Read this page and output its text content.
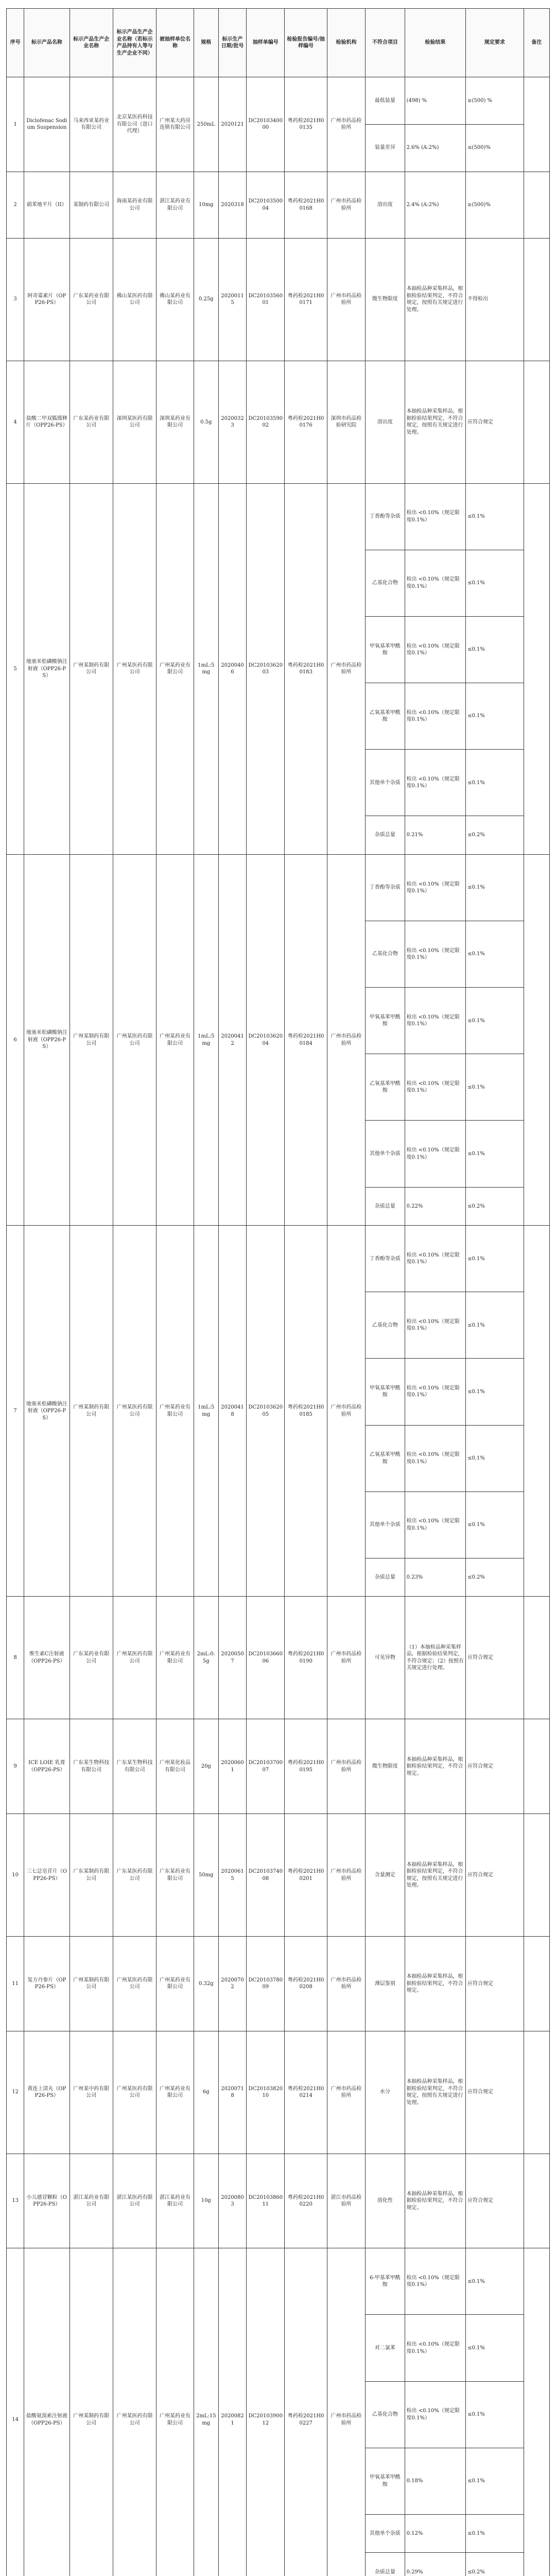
序号	标示产品名称	标示产品生产企业名称	标示产品生产企业名称（若标示产品持有人等与生产企业不同）	被抽样单位名称	规格	标示生产日期/批号	抽样单编号	检验报告编号/抽样编号	检验机构	不符合项目	检验结果	规定要求	备注
1	Diclofenac Sodium Suspension	马来西亚某药业有限公司	北京某医药科技有限公司（进口代理）	广州某大药房连锁有限公司	250mL	2020121	DC2010340000	粤药检2021H00135	广州市药品检验所	最低装量	(498) %	≥(500) %	
										装量差异	2.6% (A:2%)	≤(500)%	
2	硝苯地平片（II）	某制药有限公司	海南某药业有限公司	湛江某药业有限公司	10mg	2020318	DC2010350004	粤药检2021H00168	广州市药品检验所	溶出度	2.4% (A:2%)	≥(500)%	
3	阿奇霉素片（OPP26-PS）	广东某药业有限公司	佛山某医药有限公司	佛山某药业有限公司	0.25g	20200115	DC2010356001	粤药检2021H00171	广州市药品检验所	微生物限度	本抽检品种采集样品，根据检验结果判定，不符合规定，按照有关规定进行处理。	不得检出	
4	盐酸二甲双胍缓释片（OPP26-PS）	广东某药业有限公司	深圳某医药有限公司	深圳某药业有限公司	0.5g	20200323	DC2010359002	粤药检2021H00176	深圳市药品检验研究院	溶出度	本抽检品种采集样品，根据检验结果判定，不符合规定，按照有关规定进行处理。	应符合规定	
5	地塞米松磷酸钠注射液（OPP26-PS）	广州某制药有限公司	广州某医药有限公司	广州某药业有限公司	1mL:5mg	20200406	DC2010362003	粤药检2021H00183	广州市药品检验所	丁香酚等杂质	检出 <0.10%（规定限度0.1%）	≤0.1%	
										乙基化合物	检出 <0.10%（规定限度0.1%）	≤0.1%	
										甲氧基苯甲酰胺	检出 <0.10%（规定限度0.1%）	≤0.1%	
										乙氧基苯甲酰胺	检出 <0.10%（规定限度0.1%）	≤0.1%	
										其他单个杂质	检出 <0.10%（规定限度0.1%）	≤0.1%	
										杂质总量	0.21%	≤0.2%	
6	地塞米松磷酸钠注射液（OPP26-PS）	广州某制药有限公司	广州某医药有限公司	广州某药业有限公司	1mL:5mg	20200412	DC2010362004	粤药检2021H00184	广州市药品检验所	丁香酚等杂质	检出 <0.10%（规定限度0.1%）	≤0.1%	
										乙基化合物	检出 <0.10%（规定限度0.1%）	≤0.1%	
										甲氧基苯甲酰胺	检出 <0.10%（规定限度0.1%）	≤0.1%	
										乙氧基苯甲酰胺	检出 <0.10%（规定限度0.1%）	≤0.1%	
										其他单个杂质	检出 <0.10%（规定限度0.1%）	≤0.1%	
										杂质总量	0.22%	≤0.2%	
7	地塞米松磷酸钠注射液（OPP26-PS）	广州某制药有限公司	广州某医药有限公司	广州某药业有限公司	1mL:5mg	20200418	DC2010362005	粤药检2021H00185	广州市药品检验所	丁香酚等杂质	检出 <0.10%（规定限度0.1%）	≤0.1%	
										乙基化合物	检出 <0.10%（规定限度0.1%）	≤0.1%	
										甲氧基苯甲酰胺	检出 <0.10%（规定限度0.1%）	≤0.1%	
										乙氧基苯甲酰胺	检出 <0.10%（规定限度0.1%）	≤0.1%	
										其他单个杂质	检出 <0.10%（规定限度0.1%）	≤0.1%	
										杂质总量	0.23%	≤0.2%	
8	维生素C注射液（OPP26-PS）	广东某药业有限公司	广州某医药有限公司	广州某药业有限公司	2mL:0.5g	20200507	DC2010366006	粤药检2021H00190	广州市药品检验所	可见异物	（1）本抽检品种采集样品，根据检验结果判定，不符合规定；（2）按照有关规定进行处理。	应符合规定	
9	ICE LOIE 乳膏（OPP26-PS）	广东某生物科技有限公司	广东某生物科技有限公司	广州某化妆品有限公司	20g	20200601	DC2010370007	粤药检2021H00195	广州市药品检验所	微生物限度	本抽检品种采集样品，根据检验结果判定，不符合规定。	应符合规定	
10	三七总皂苷片（OPP26-PS）	广东某制药有限公司	广东某医药有限公司	广东某药业有限公司	50mg	20200615	DC2010374008	粤药检2021H00201	广州市药品检验所	含量测定	本抽检品种采集样品，根据检验结果判定，不符合规定，按照有关规定进行处理。	应符合规定	
11	复方丹参片（OPP26-PS）	广州某制药有限公司	广州某医药有限公司	广州某药业有限公司	0.32g	20200702	DC2010378009	粤药检2021H00208	广州市药品检验所	薄层鉴别	本抽检品种采集样品，根据检验结果判定，不符合规定。	应符合规定	
12	黄连上清丸（OPP26-PS）	广州某中药有限公司	广州某医药有限公司	广州某药业有限公司	6g	20200718	DC2010382010	粤药检2021H00214	广州市药品检验所	水分	本抽检品种采集样品，根据检验结果判定，不符合规定，按照有关规定进行处理。	应符合规定	
13	小儿感冒颗粒（OPP26-PS）	湛江某药业有限公司	湛江某医药有限公司	湛江某药业有限公司	10g	20200803	DC2010386011	粤药检2021H00220	湛江市药品检验所	溶化性	本抽检品种采集样品，根据检验结果判定，不符合规定。	应符合规定	
14	盐酸氨溴索注射液（OPP26-PS）	广州某制药有限公司	广州某医药有限公司	广州某药业有限公司	2mL:15mg	20200821	DC2010390012	粤药检2021H00227	广州市药品检验所	6-甲基苯甲酰胺	检出 <0.10%（规定限度0.1%）	≤0.1%	
										对二氯苯	检出 <0.10%（规定限度0.1%）	≤0.1%	
										乙基化合物	检出 <0.10%（规定限度0.1%）	≤0.1%	
										甲氧基苯甲酰胺	0.18%	≤0.1%	
										其他单个杂质	0.12%	≤0.1%	
										杂质总量	0.29%	≤0.2%	
